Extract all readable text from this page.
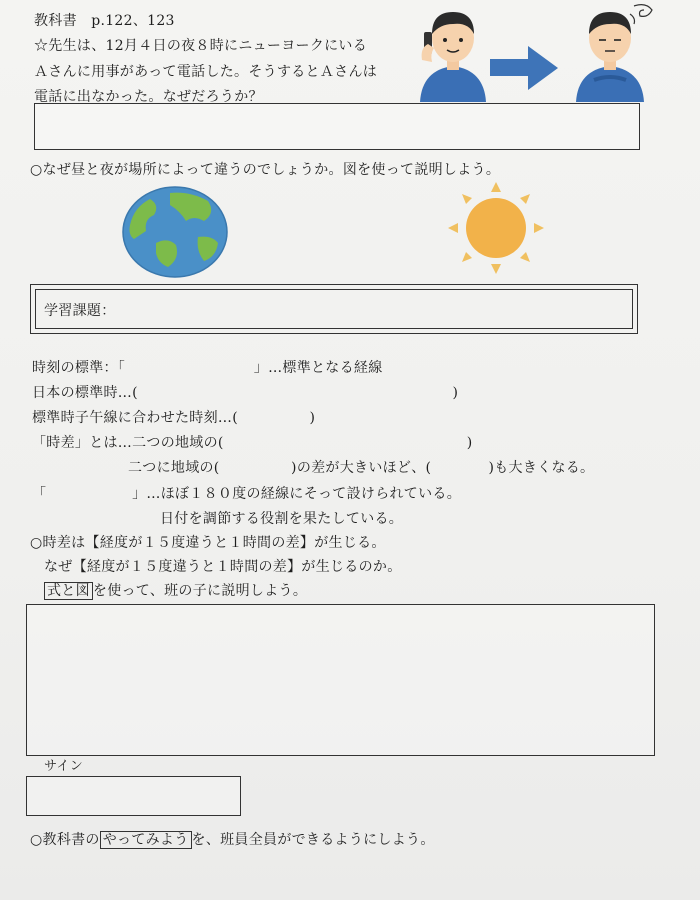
教科書　p.122、123
☆先生は、12月４日の夜８時にニューヨークにいる
Ａさんに用事があって電話した。そうするとＡさんは
電話に出なかった。なぜだろうか？
○なぜ昼と夜が場所によって違うのでしょうか。図を使って説明しよう。
学習課題：
時刻の標準：「　　　　　　　　　」…標準となる経線
日本の標準時…(　　　　　　　　　　　　　　　　　　　　　　)
標準時子午線に合わせた時刻…(　　　　　)
「時差」とは…二つの地域の(　　　　　　　　　　　　　　　　　)
二つに地域の(　　　　　)の差が大きいほど、(　　　　)も大きくなる。
「　　　　　　」…ほぼ１８０度の経線にそって設けられている。
日付を調節する役割を果たしている。
○時差は【経度が１５度違うと１時間の差】が生じる。
なぜ【経度が１５度違うと１時間の差】が生じるのか。
式と図 を使って、班の子に説明しよう。
サイン
○教科書の やってみよう を、班員全員ができるようにしよう。
